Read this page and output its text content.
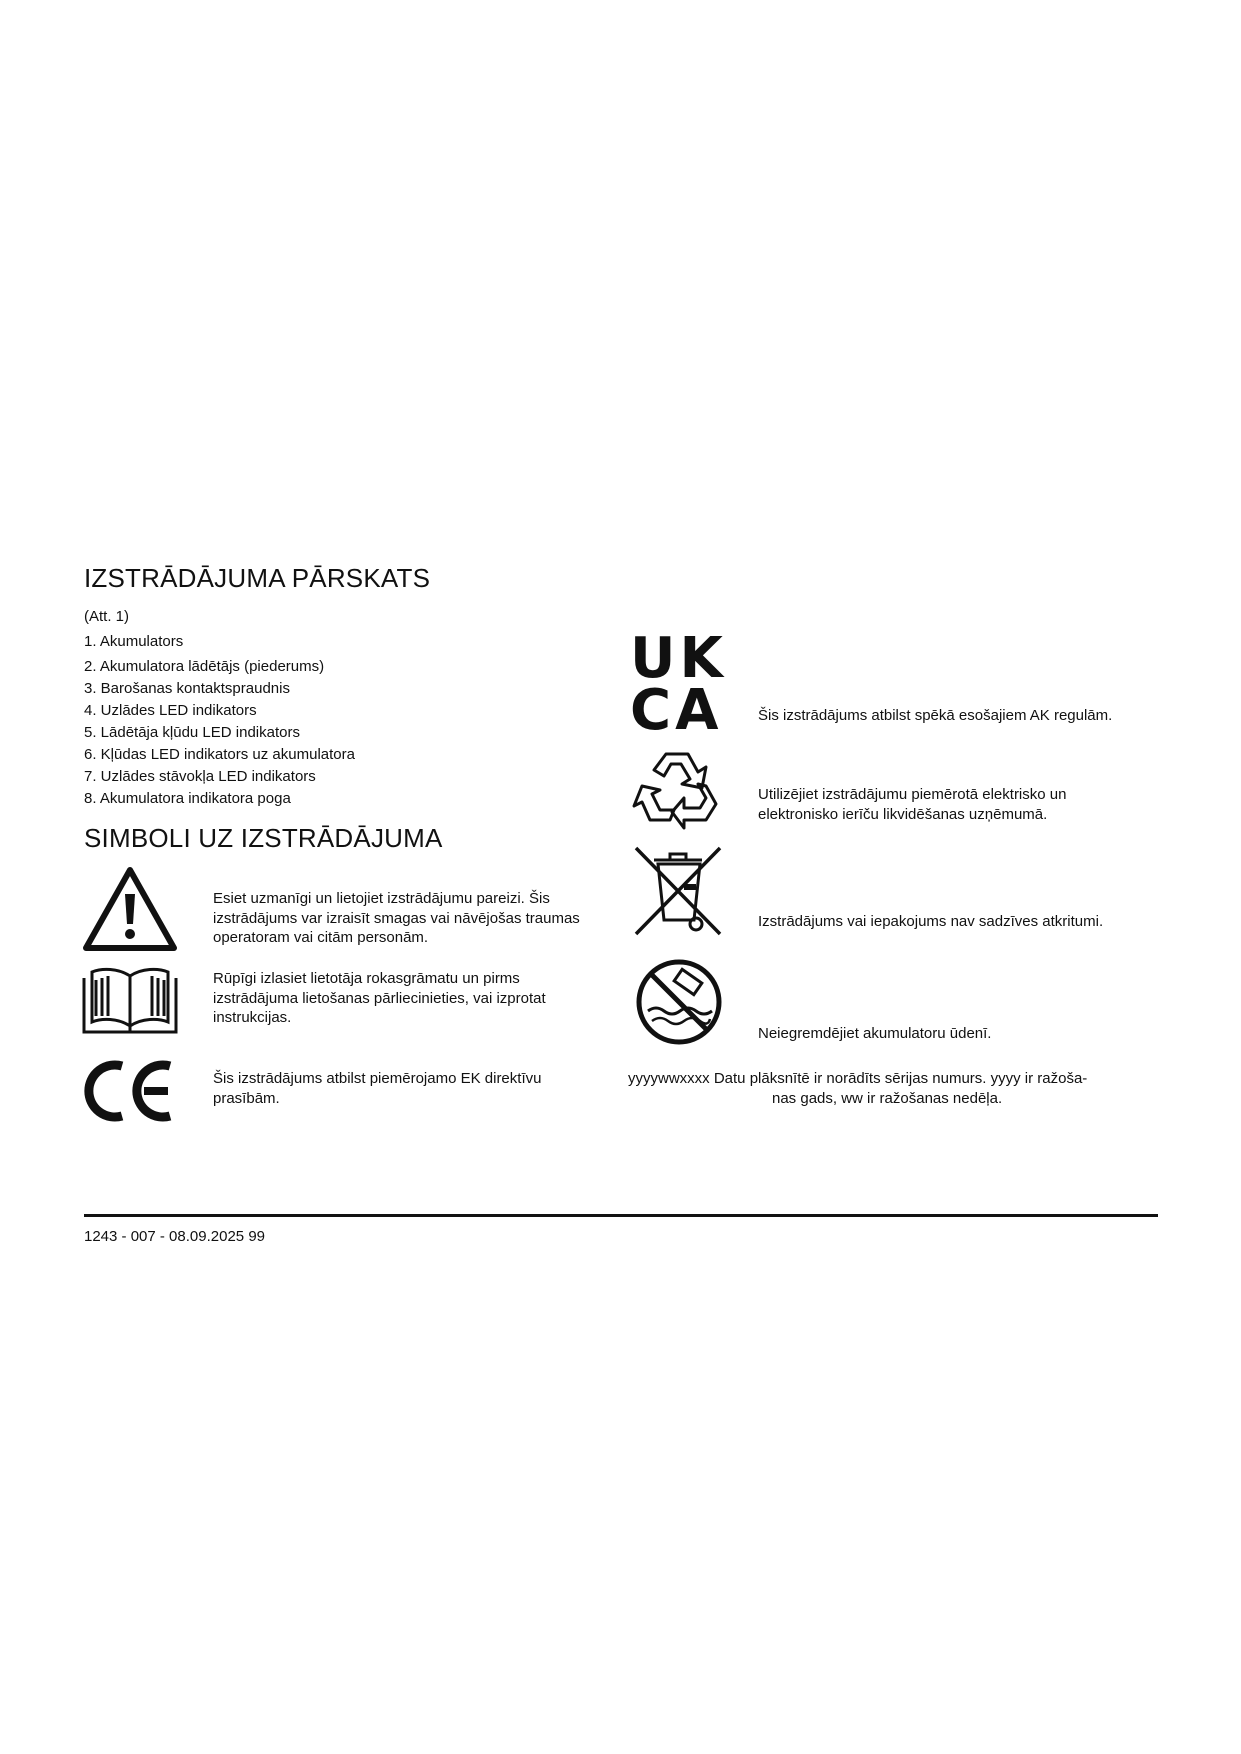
IZSTRĀDĀJUMA PĀRSKATS
(Att. 1)
1. Akumulators
2. Akumulatora lādētājs (piederums)
3. Barošanas kontaktspraudnis
4. Uzlādes LED indikators
5. Lādētāja kļūdu LED indikators
6. Kļūdas LED indikators uz akumulatora
7. Uzlādes stāvokļa LED indikators
8. Akumulatora indikatora poga
SIMBOLI UZ IZSTRĀDĀJUMA
Esiet uzmanīgi un lietojiet izstrādājumu pareizi. Šis izstrādājums var izraisīt smagas vai nāvējošas traumas operatoram vai citām personām.
Rūpīgi izlasiet lietotāja rokasgrāmatu un pirms izstrādājuma lietošanas pārliecinieties, vai izprotat instrukcijas.
Šis izstrādājums atbilst piemērojamo EK direktīvu prasībām.
UK
CA	Šis izstrādājums atbilst spēkā esošajiem AK regulām.
Utilizējiet izstrādājumu piemērotā elektrisko un elektronisko ierīču likvidēšanas uzņēmumā.
Izstrādājums vai iepakojums nav sadzīves atkritumi.
Neiegremdējiet akumulatoru ūdenī.
yyyywwxxxx Datu plāksnītē ir norādīts sērijas numurs. yyyy ir ražoša-
nas gads, ww ir ražošanas nedēļa.
1243 - 007 - 08.09.2025 99
